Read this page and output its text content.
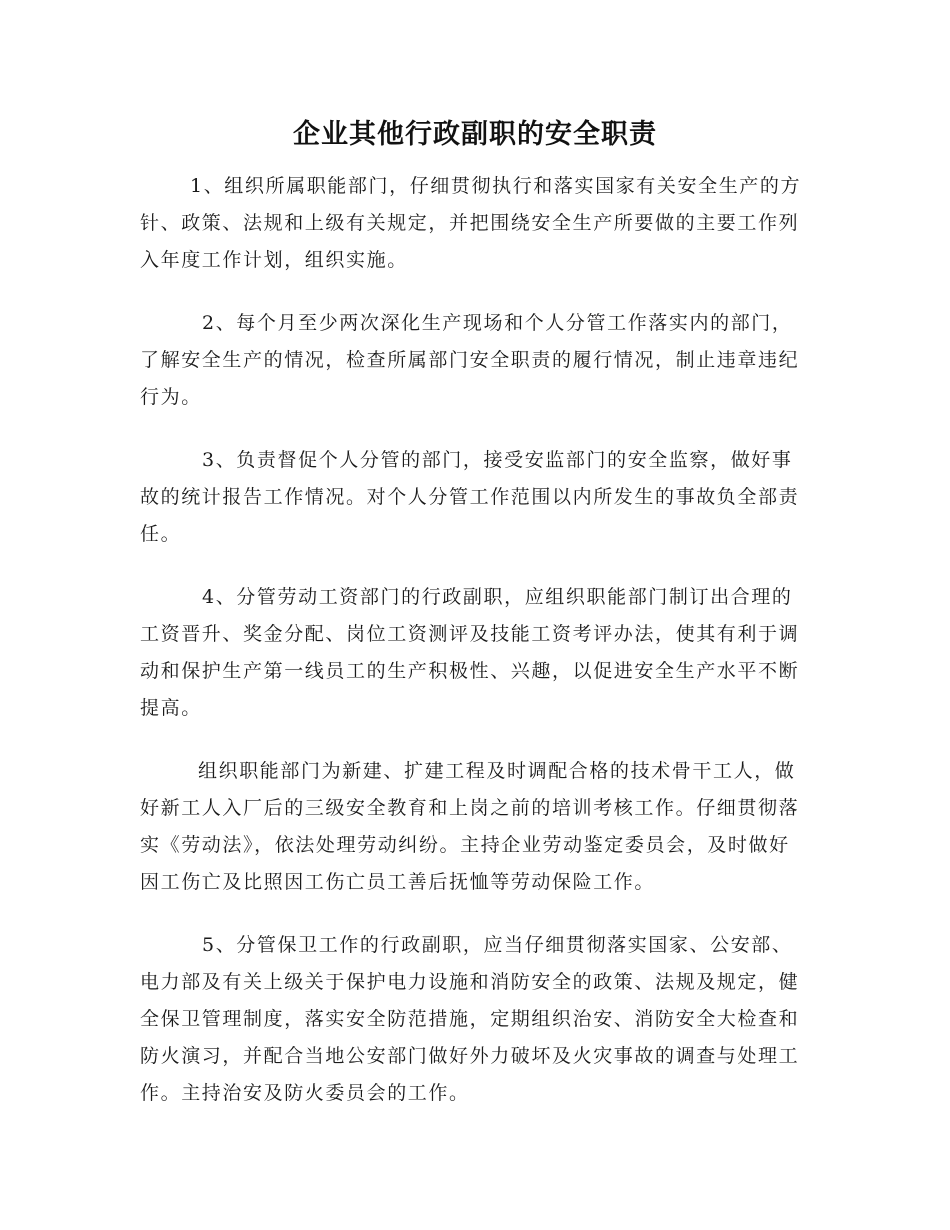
企业其他行政副职的安全职责

1、组织所属职能部门，仔细贯彻执行和落实国家有关安全生产的方针、政策、法规和上级有关规定，并把围绕安全生产所要做的主要工作列入年度工作计划，组织实施。

2、每个月至少两次深化生产现场和个人分管工作落实内的部门，了解安全生产的情况，检查所属部门安全职责的履行情况，制止违章违纪行为。

3、负责督促个人分管的部门，接受安监部门的安全监察，做好事故的统计报告工作情况。对个人分管工作范围以内所发生的事故负全部责任。

4、分管劳动工资部门的行政副职，应组织职能部门制订出合理的工资晋升、奖金分配、岗位工资测评及技能工资考评办法，使其有利于调动和保护生产第一线员工的生产积极性、兴趣，以促进安全生产水平不断提高。

组织职能部门为新建、扩建工程及时调配合格的技术骨干工人，做好新工人入厂后的三级安全教育和上岗之前的培训考核工作。仔细贯彻落实《劳动法》，依法处理劳动纠纷。主持企业劳动鉴定委员会，及时做好因工伤亡及比照因工伤亡员工善后抚恤等劳动保险工作。

5、分管保卫工作的行政副职，应当仔细贯彻落实国家、公安部、电力部及有关上级关于保护电力设施和消防安全的政策、法规及规定，健全保卫管理制度，落实安全防范措施，定期组织治安、消防安全大检查和防火演习，并配合当地公安部门做好外力破坏及火灾事故的调查与处理工作。主持治安及防火委员会的工作。
